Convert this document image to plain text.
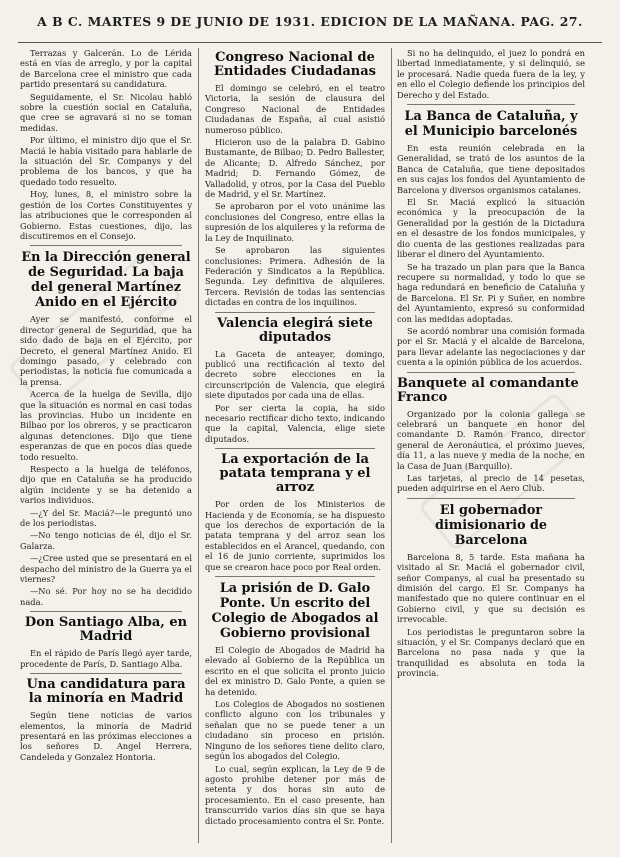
A B C. MARTES 9 DE JUNIO DE 1931. EDICION DE LA MAÑANA. PAG. 27.

Terrazas y Galcerán. Lo de Lérida está en vías de arreglo, y por la capital de Barcelona cree el ministro que cada partido presentará su candidatura.

Seguidamente, el Sr. Nicolau habló sobre la cuestión social en Cataluña, que cree se agravará si no se toman medidas.

Por último, el ministro dijo que el Sr. Maciá le había visitado para hablarle de la situación del Sr. Companys y del problema de los bancos, y que ha quedado todo resuelto.

Hoy, lunes, 8, el ministro sobre la gestión de los Cortes Constituyentes y las atribuciones que le corresponden al Gobierno. Estas cuestiones, dijo, las discutiremos en el Consejo.

En la Dirección general de Seguridad. La baja del general Martínez Anido en el Ejército

Ayer se manifestó, conforme el director general de Seguridad, que ha sido dado de baja en el Ejército, por Decreto, el general Martínez Anido. El domingo pasado, y celebrado con periodistas, la noticia fue comunicada a la prensa.

Acerca de la huelga de Sevilla, dijo que la situación es normal en casi todas las provincias. Hubo un incidente en Bilbao por los obreros, y se practicaron algunas detenciones. Dijo que tiene esperanzas de que en pocos días quede todo resuelto.

Respecto a la huelga de teléfonos, dijo que en Cataluña se ha producido algún incidente y se ha detenido a varios individuos.

—¿Y del Sr. Maciá?—le preguntó uno de los periodistas.

—No tengo noticias de él, dijo el Sr. Galarza.

—¿Cree usted que se presentará en el despacho del ministro de la Guerra ya el viernes?

—No sé. Por hoy no se ha decidido nada.

Don Santiago Alba, en Madrid

En el rápido de París llegó ayer tarde, procedente de París, D. Santiago Alba.

Una candidatura para la minoría en Madrid

Según tiene noticias de varios elementos, la minoría de Madrid presentará en las próximas elecciones a los señores D. Angel Herrera, Candeleda y Gonzalez Hontoria.

Congreso Nacional de Entidades Ciudadanas

El domingo se celebró, en el teatro Victoria, la sesión de clausura del Congreso Nacional de Entidades Ciudadanas de España, al cual asistió numeroso público.

Hicieron uso de la palabra D. Gabino Bustamante, de Bilbao; D. Pedro Ballester, de Alicante; D. Alfredo Sánchez, por Madrid; D. Fernando Gómez, de Valladolid, y otros, por la Casa del Pueblo de Madrid, y el Sr. Martínez.

Se aprobaron por el voto unánime las conclusiones del Congreso, entre ellas la supresión de los alquileres y la reforma de la Ley de Inquilinato.

Se aprobaron las siguientes conclusiones: Primera. Adhesión de la Federación y Sindicatos a la República. Segunda. Ley definitiva de alquileres. Tercera. Revisión de todas las sentencias dictadas en contra de los inquilinos.

Valencia elegirá siete diputados

La Gaceta de anteayer, domingo, publicó una rectificación al texto del decreto sobre elecciones en la circunscripción de Valencia, que elegirá siete diputados por cada una de ellas.

Por ser cierta la copia, ha sido necesario rectificar dicho texto, indicando que la capital, Valencia, elige siete diputados.

La exportación de la patata temprana y el arroz

Por orden de los Ministerios de Hacienda y de Economía, se ha dispuesto que los derechos de exportación de la patata temprana y del arroz sean los establecidos en el Arancel, quedando, con el 16 de junio corriente, suprimidos los que se crearon hace poco por Real orden.

La prisión de D. Galo Ponte. Un escrito del Colegio de Abogados al Gobierno provisional

El Colegio de Abogados de Madrid ha elevado al Gobierno de la República un escrito en el que solicita el pronto juicio del ex ministro D. Galo Ponte, a quien se ha detenido.

Los Colegios de Abogados no sostienen conflicto alguno con los tribunales y señalan que no se puede tener a un ciudadano sin proceso en prisión. Ninguno de los señores tiene delito claro, según los abogados del Colegio.

Lo cual, según explican, la Ley de 9 de agosto prohibe detener por más de setenta y dos horas sin auto de procesamiento. En el caso presente, han transcurrido varios días sin que se haya dictado procesamiento contra el Sr. Ponte.

Si no ha delinquido, el juez lo pondrá en libertad inmediatamente, y si delinquió, se le procesará. Nadie queda fuera de la ley, y en ello el Colegio defiende los principios del Derecho y del Estado.

La Banca de Cataluña, y el Municipio barcelonés

En esta reunión celebrada en la Generalidad, se trató de los asuntos de la Banca de Cataluña, que tiene depositados en sus cajas los fondos del Ayuntamiento de Barcelona y diversos organismos catalanes.

El Sr. Maciá explicó la situación económica y la preocupación de la Generalidad por la gestión de la Dictadura en el desastre de los fondos municipales, y dio cuenta de las gestiones realizadas para liberar el dinero del Ayuntamiento.

Se ha trazado un plan para que la Banca recupere su normalidad, y todo lo que se haga redundará en beneficio de Cataluña y de Barcelona. El Sr. Pi y Suñer, en nombre del Ayuntamiento, expresó su conformidad con las medidas adoptadas.

Se acordó nombrar una comisión formada por el Sr. Maciá y el alcalde de Barcelona, para llevar adelante las negociaciones y dar cuenta a la opinión pública de los acuerdos.

Banquete al comandante Franco

Organizado por la colonia gallega se celebrará un banquete en honor del comandante D. Ramón Franco, director general de Aeronáutica, el próximo jueves, día 11, a las nueve y media de la noche, en la Casa de Juan (Barquillo).

Las tarjetas, al precio de 14 pesetas, pueden adquirirse en el Aero Club.

El gobernador dimisionario de Barcelona

Barcelona 8, 5 tarde. Esta mañana ha visitado al Sr. Maciá el gobernador civil, señor Companys, al cual ha presentado su dimisión del cargo. El Sr. Companys ha manifestado que no quiere continuar en el Gobierno civil, y que su decisión es irrevocable.

Los periodistas le preguntaron sobre la situación, y el Sr. Companys declaró que en Barcelona no pasa nada y que la tranquilidad es absoluta en toda la provincia.
